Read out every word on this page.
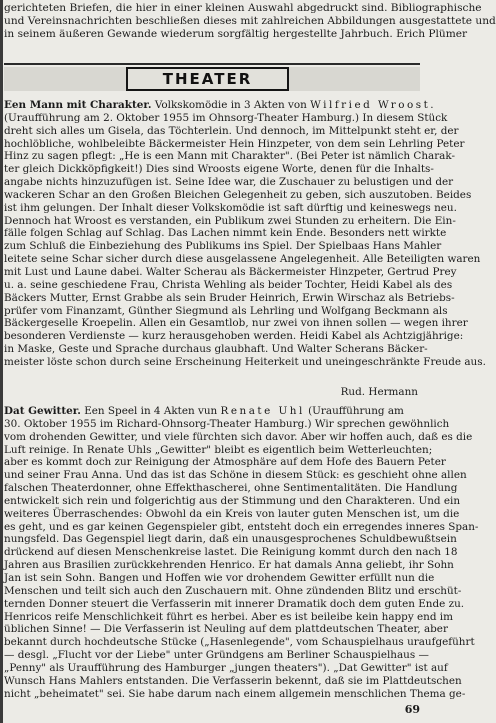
gerichteten Briefen, die hier in einer kleinen Auswahl abgedruckt sind. Bibliographische
und Vereinsnachrichten beschließen dieses mit zahlreichen Abbildungen ausgestattete und
in seinem äußeren Gewande wiederum sorgfältig hergestellte Jahrbuch. Erich Plümer
THEATER
Een Mann mit Charakter. Volkskomödie in 3 Akten von Wilfried Wroost.
(Uraufführung am 2. Oktober 1955 im Ohnsorg-Theater Hamburg.) In diesem Stück
dreht sich alles um Gisela, das Töchterlein. Und dennoch, im Mittelpunkt steht er, der
hochlöbliche, wohlbeleibte Bäckermeister Hein Hinzpeter, von dem sein Lehrling Peter
Hinz zu sagen pflegt: „He is een Mann mit Charakter". (Bei Peter ist nämlich Charak-
ter gleich Dickköpfigkeit!) Dies sind Wroosts eigene Worte, denen für die Inhalts-
angabe nichts hinzuzufügen ist. Seine Idee war, die Zuschauer zu belustigen und der
wackeren Schar an den Großen Bleichen Gelegenheit zu geben, sich auszutoben. Beides
ist ihm gelungen. Der Inhalt dieser Volkskomödie ist saft dürftig und keineswegs neu.
Dennoch hat Wroost es verstanden, ein Publikum zwei Stunden zu erheitern. Die Ein-
fälle folgen Schlag auf Schlag. Das Lachen nimmt kein Ende. Besonders nett wirkte
zum Schluß die Einbeziehung des Publikums ins Spiel. Der Spielbaas Hans Mahler
leitete seine Schar sicher durch diese ausgelassene Angelegenheit. Alle Beteiligten waren
mit Lust und Laune dabei. Walter Scherau als Bäckermeister Hinzpeter, Gertrud Prey
u. a. seine geschiedene Frau, Christa Wehling als beider Tochter, Heidi Kabel als des
Bäckers Mutter, Ernst Grabbe als sein Bruder Heinrich, Erwin Wirschaz als Betriebs-
prüfer vom Finanzamt, Günther Siegmund als Lehrling und Wolfgang Beckmann als
Bäckergeselle Kroepelin. Allen ein Gesamtlob, nur zwei von ihnen sollen — wegen ihrer
besonderen Verdienste — kurz herausgehoben werden. Heidi Kabel als Achtzigjährige:
in Maske, Geste und Sprache durchaus glaubhaft. Und Walter Scherans Bäcker-
meister löste schon durch seine Erscheinung Heiterkeit und uneingeschränkte Freude aus.
Rud. Hermann
Dat Gewitter. Een Speel in 4 Akten vun Renate Uhl (Uraufführung am
30. Oktober 1955 im Richard-Ohnsorg-Theater Hamburg.) Wir sprechen gewöhnlich
vom drohenden Gewitter, und viele fürchten sich davor. Aber wir hoffen auch, daß es die
Luft reinige. In Renate Uhls „Gewitter" bleibt es eigentlich beim Wetterleuchten;
aber es kommt doch zur Reinigung der Atmosphäre auf dem Hofe des Bauern Peter
und seiner Frau Anna. Und das ist das Schöne in diesem Stück: es geschieht ohne allen
falschen Theaterdonner, ohne Effekthascherei, ohne Sentimentalitäten. Die Handlung
entwickelt sich rein und folgerichtig aus der Stimmung und den Charakteren. Und ein
weiteres Überraschendes: Obwohl da ein Kreis von lauter guten Menschen ist, um die
es geht, und es gar keinen Gegenspieler gibt, entsteht doch ein erregendes inneres Span-
nungsfeld. Das Gegenspiel liegt darin, daß ein unausgesprochenes Schuldbewußtsein
drückend auf diesen Menschenkreise lastet. Die Reinigung kommt durch den nach 18
Jahren aus Brasilien zurückkehrenden Henrico. Er hat damals Anna geliebt, ihr Sohn
Jan ist sein Sohn. Bangen und Hoffen wie vor drohendem Gewitter erfüllt nun die
Menschen und teilt sich auch den Zuschauern mit. Ohne zündenden Blitz und erschüt-
ternden Donner steuert die Verfasserin mit innerer Dramatik doch dem guten Ende zu.
Henricos reife Menschlichkeit führt es herbei. Aber es ist beileibe kein happy end im
üblichen Sinne! — Die Verfasserin ist Neuling auf dem plattdeutschen Theater, aber
bekannt durch hochdeutsche Stücke („Hasenlegende", vom Schauspielhaus uraufgeführt
— desgl. „Flucht vor der Liebe" unter Gründgens am Berliner Schauspielhaus —
„Penny" als Uraufführung des Hamburger „jungen theaters"). „Dat Gewitter" ist auf
Wunsch Hans Mahlers entstanden. Die Verfasserin bekennt, daß sie im Plattdeutschen
nicht „beheimatet" sei. Sie habe darum nach einem allgemein menschlichen Thema ge-
69
